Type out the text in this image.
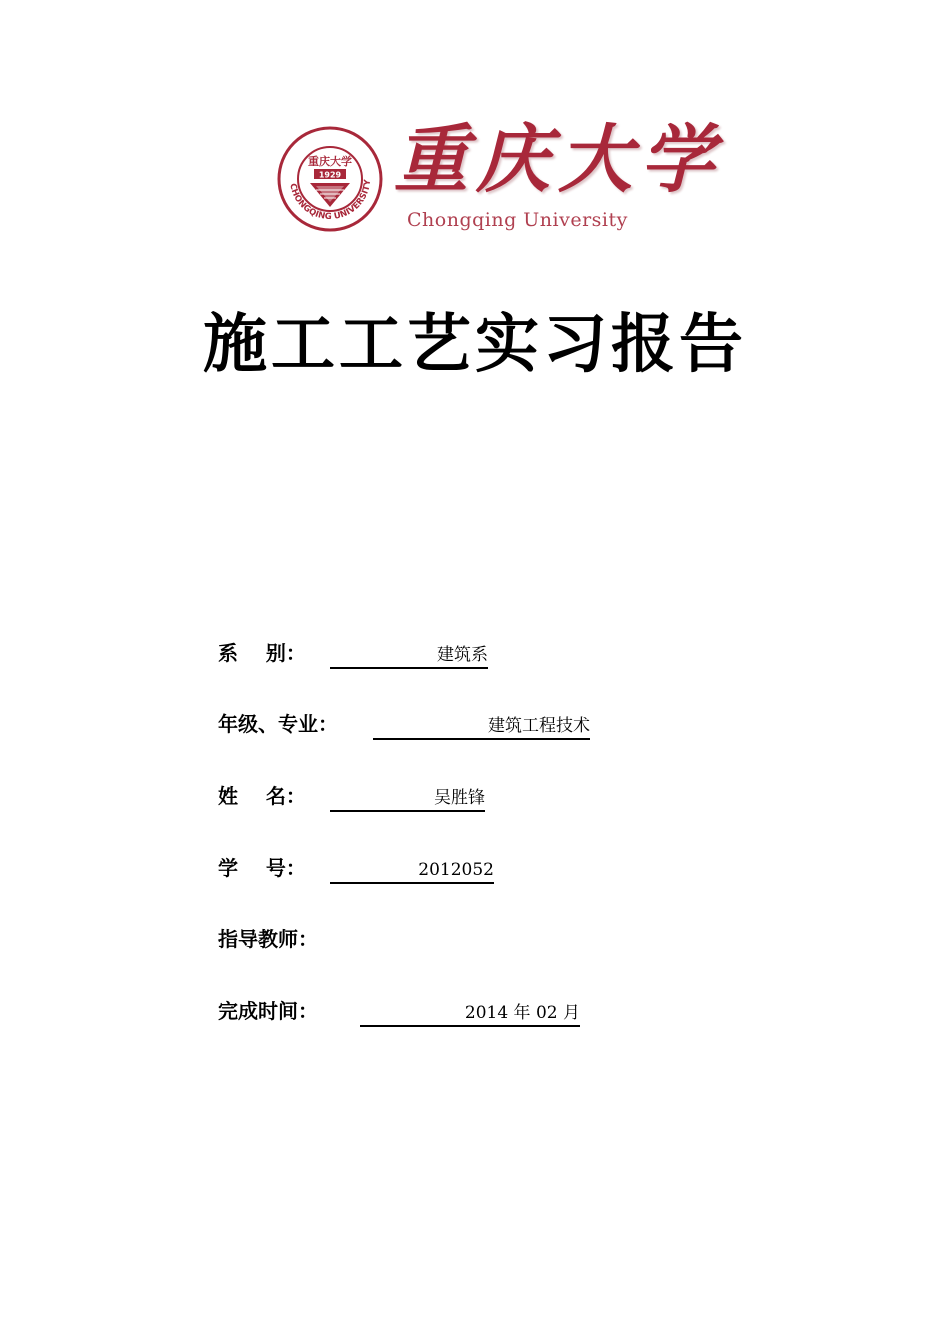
CHONGQING UNIVERSITY
重庆大学
1929 重庆大学
Chongqing University
施工工艺实习报告
系    别：	建筑系
年级、专业：	建筑工程技术
姓    名：	吴胜锋
学    号：	2012052
指导教师：
完成时间：	2014 年 02 月
